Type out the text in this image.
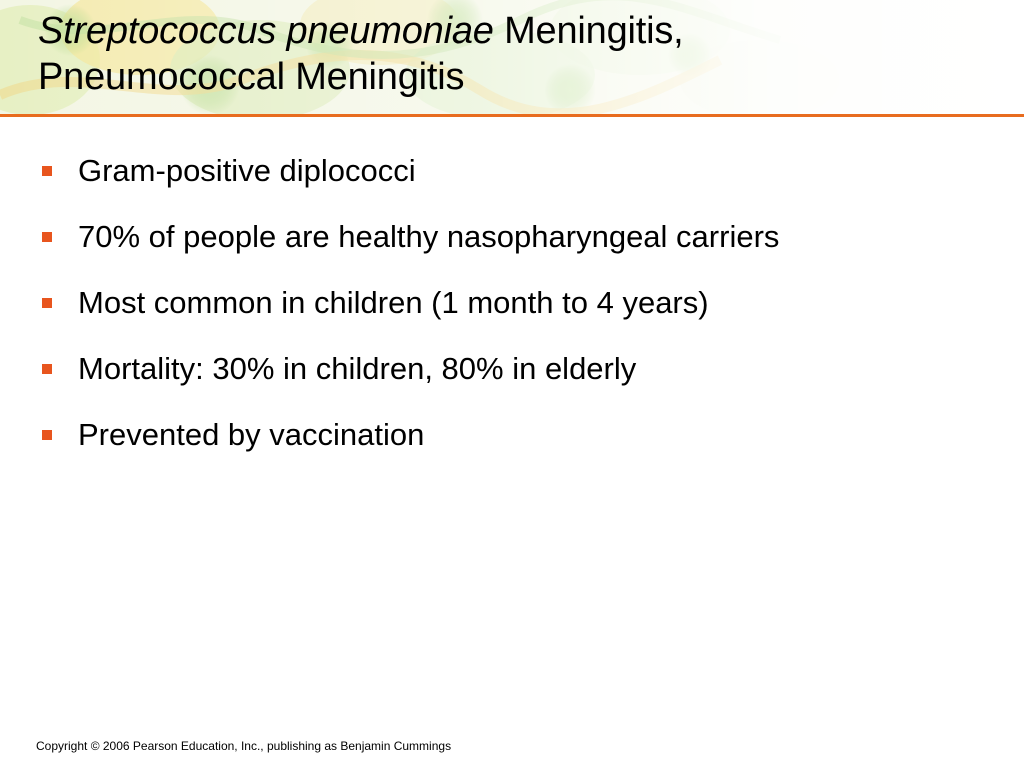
Streptococcus pneumoniae Meningitis,
Pneumococcal Meningitis
Gram-positive diplococci
70% of people are healthy nasopharyngeal carriers
Most common in children (1 month to 4 years)
Mortality: 30% in children, 80% in elderly
Prevented by vaccination
Copyright © 2006 Pearson Education, Inc., publishing as Benjamin Cummings
